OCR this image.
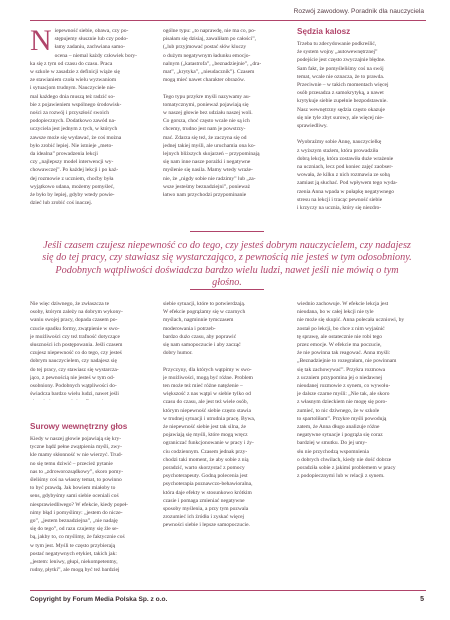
Rozwój zawodowy. Poradnik dla nauczyciela
N iepewność siebie, obawa, czy po-
stępujemy słusznie lub czy podo-
łamy zadaniu, zachwiana samo-
ocena – niemal każdy człowiek bory-
ka się z tym od czasu do czasu. Praca
w szkole w zasadzie z definicji wiąże się
ze stawianiem czoła wielu wyzwaniom
i sytuacjom trudnym. Nauczyciele nie-
mal każdego dnia muszą też radzić so-
bie z pojawieniem wspólnego środowisk-
ności za rozwój i przyszłość swoich
podopiecznych. Dodatkowo zawód na-
uczyciela jest jednym z tych, w których
zawsze może się wydawać, że coś można
było zrobić lepiej. Nie istnieje „meto-
da idealna” prowadzenia lekcji
czy „najlepszy model interwencji wy-
chowawczej”. Po każdej lekcji i po każ-
dej rozmowie z uczniem, choćby była
wyjątkowo udana, możemy pomyśleć,
że było by lepiej, gdyby wtedy powie-
dzieć lub zrobić coś inaczej.
ogólne typu: „to naprawdę, nie ma co, po-
pisałam się dzisiaj, zawaliłam po całości”,
(„lub przyjmować postać słów kluczy
o dużym negatywnym ładunku emocjo-
nalnym („katastrofa”, „beznadziejnie”, „dra-
mat”, „krytyka”, „nieudacznik”). Czasem
mogą mieć nawet charakter obrazów.

Tego typu przykre myśli nazywamy au-
tomatycznymi, ponieważ pojawiają się
w naszej głowie bez udziału naszej woli.
Co gorsza, choć często wcale nie są ich
chcemy, trudno jest nam je powstrzy-
mać. Zdarza się też, że zaczyna się od
jednej takiej myśli, ale uruchamia ona ko-
lejnych bliższych skojarzeń – przypominają
się nam inne nasze porażki i negatywne
myślenie się nasila. Mamy wtedy wraże-
nie, że „nigdy sobie nie radzimy” lub „za-
wsze jesteśmy beznadziejni”, ponieważ
łatwo nam przychodzi przypominanie
Sędzia kalosz
Trzeba tu zdecydowanie podkreślić,
że system wojny „autowewnętrznej”
podejście jest często zwyczajnie błędne.
Sam fakt, że pomyśleliśmy coś na swój
temat, wcale nie oznacza, że to prawda.
Przeciwnie – w takich momentach więcej
osób przesadza z samokrytyką, a nawet
krytykuje siebie zupełnie bezpodstawnie.
Nasz wewnętrzny sędzia często okazuje
się nie tyle zbyt surowy, ale więcej nie-
sprawiedliwy.

Wyobraźmy sobie Annę, nauczycielkę
z wyższym stażem, która prowadziła
dobrą lekcję, która zostawiła duże wrażenie
na uczniach, lecz pod koniec zajęć zaobser-
wowała, że kilku z nich rozmawia ze sobą
zamiast ją słuchać. Pod wpływem tego wyda-
rzenia Anna wpada w pułapkę negatywnego
stresu na lekcji i tracąc pewność siebie
i krzyczy na ucznia, który się niezdro-
Jeśli czasem czujesz niepewność co do tego, czy jesteś dobrym nauczycielem, czy nadajesz się do tej pracy, czy stawiasz się wystarczająco, z pewnością nie jesteś w tym odosobniony. Podobnych wątpliwości doświadcza bardzo wielu ludzi, nawet jeśli nie mówią o tym głośno.
Nie więc dziwnego, że zwłaszcza te
osoby, którym zależy na dobrym wykony-
waniu swojej pracy, dopada czasem po-
czucie spadku formy, zwątpienie w swo-
je możliwości czy też trafność dotyczące
słuszności ich postępowania. Jeśli czasem
czujesz niepewność co do tego, czy jesteś
dobrym nauczycielem, czy nadajesz się
do tej pracy, czy stawiasz się wystarcza-
jąco, z pewnością nie jesteś w tym od-
osobniony. Podobnych wątpliwości do-
świadcza bardzo wielu ludzi, nawet jeśli

Surowy wewnętrzny głos
Kiedy w naszej głowie pojawiają się kry-
tyczne bądź pełne zwątpienia myśli, zwy-
kle mamy skłonność w nie wierzyć. Trud-
no się temu dziwić – przecież pytanie
nas to „zdroworozsądkowy”, skoro pomy-
śleliśmy coś na własny temat, to powinno
to być prawdą. Jak bowiem miałoby to
sens, gdybyśmy sami siebie oceniali coś
niesprawiedliwego? W efekcie, kiedy popeł-
nimy błąd i pomyślimy: „jestem do nicze-
go”, „jestem beznadziejna”, „nie nadaję
się do tego”, od razu czujemy się źle se-
bą, jakby to, co myślimy, że faktycznie coś
w tym jest. Myśli te często przybierają
postać negatywnych etykiet, takich jak:
„jestem: leniwy, głupi, niekompetentny,
rudny, płytki”, ale mogą być też bardziej
siebie sytuacji, które to potwierdzają.
W efekcie pogrążamy się w czarnych
myślach, nagminnie tymczasem
moderowania i potrzeb-
bardzo dużo czasu, aby poprawić
się nam samopoczucie i aby zacząć
dobry humor.

Przyczyny, dla których wątpimy w swo-
je możliwości, mogą być różne. Problem
ten może też mieć różne natężenie –
większość z nas wątpi w siebie tylko od
czasu do czasu, ale jest też wiele osób,
którym niepewność siebie często stawia
w trudnej sytuacji i utrudnia pracę. Bywa,
że niepewność siebie jest tak silna, że
pojawiają się myśli, które mogą wręcz
ograniczać funkcjonowanie w pracy i ży-
ciu codziennym. Czasem jednak przy-
chodzi taki moment, że aby sobie z nią
poradzić, warto skorzystać z pomocy
psychoterapeuty. Godną polecenia jest
psychoterapia poznawczo-behawioralna,
która daje efekty w stosunkowo krótkim
czasie i pomaga zmieniać negatywne
sposoby myślenia, a przy tym pozwala
zrozumieć ich źródła i zyskać więcej
pewności siebie i lepsze samopoczucie.
wiednio zachowuje. W efekcie lekcja jest
nieudana, bo w całej lekcji nie tyle
nie może się skupić. Anna polecała uczniowi, by
został po lekcji, bo chce z nim wyjaśnić
tę sprawę, ale ostatecznie nie robi tego
przez emocje. W efekcie ma poczucie,
że nie powinna tak reagować. Anna myśli:
„Beznadziejnie to rozegrałam, nie powinnam
się tak zachowywać”. Przykra rozmowa
z uczniem przypomina jej o niedawnej
nieudanej rozmowie z synem, co wywołu-
je dalsze czarne myśli: „Nie tak, ale skoro
z własnym dzieckiem nie mogę się poro-
zumieć, to nic dziwnego, że w szkole
to spartoliłam”. Przykre myśli powodują
zatem, że Anna długo analizuje różne
negatywne sytuacje i pogrąża się coraz
bardziej w smutku. Do jej umy-
słu nie przychodzą wspomnienia
o dobrych chwilach, kiedy nie dość dobrze
poradziła sobie z jakimś problemem w pracy
z podopiecznymi lub w relacji z synem.
Copyright by Forum Media Polska Sp. z o.o.	5
